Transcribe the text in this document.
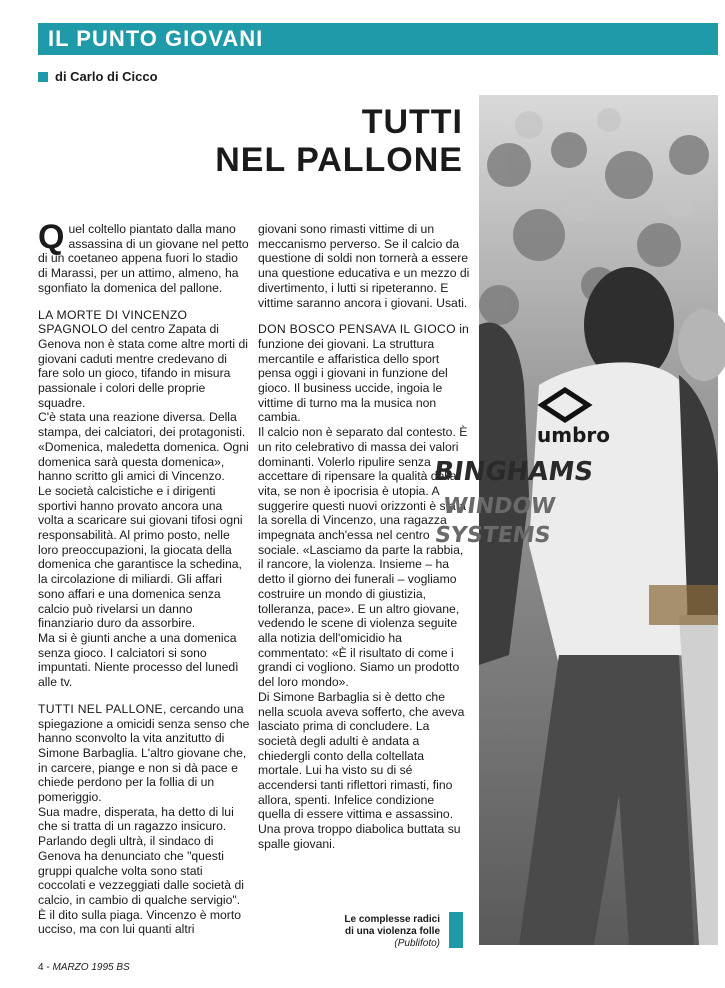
IL PUNTO GIOVANI
di Carlo di Cicco
TUTTI
NEL PALLONE

Quel coltello piantato dalla mano assassina di un giovane nel petto di un coetaneo appena fuori lo stadio di Marassi, per un attimo, almeno, ha sgonfiato la domenica del pallone.

LA MORTE DI VINCENZO SPAGNOLO del centro Zapata di Genova non è stata come altre morti di giovani caduti mentre credevano di fare solo un gioco, tifando in misura passionale i colori delle proprie squadre.

C'è stata una reazione diversa. Della stampa, dei calciatori, dei protagonisti. «Domenica, maledetta domenica. Ogni domenica sarà questa domenica», hanno scritto gli amici di Vincenzo.

Le società calcistiche e i dirigenti sportivi hanno provato ancora una volta a scaricare sui giovani tifosi ogni responsabilità. Al primo posto, nelle loro preoccupazioni, la giocata della domenica che garantisce la schedina, la circolazione di miliardi. Gli affari sono affari e una domenica senza calcio può rivelarsi un danno finanziario duro da assorbire.

Ma si è giunti anche a una domenica senza gioco. I calciatori si sono impuntati. Niente processo del lunedì alle tv.

TUTTI NEL PALLONE, cercando una spiegazione a omicidi senza senso che hanno sconvolto la vita anzitutto di Simone Barbaglia. L'altro giovane che, in carcere, piange e non si dà pace e chiede perdono per la follia di un pomeriggio.

Sua madre, disperata, ha detto di lui che si tratta di un ragazzo insicuro. Parlando degli ultrà, il sindaco di Genova ha denunciato che "questi gruppi qualche volta sono stati coccolati e vezzeggiati dalle società di calcio, in cambio di qualche servigio".

È il dito sulla piaga. Vincenzo è morto ucciso, ma con lui quanti altri

giovani sono rimasti vittime di un meccanismo perverso. Se il calcio da questione di soldi non tornerà a essere una questione educativa e un mezzo di divertimento, i lutti si ripeteranno. E vittime saranno ancora i giovani. Usati.

DON BOSCO PENSAVA IL GIOCO in funzione dei giovani. La struttura mercantile e affaristica dello sport pensa oggi i giovani in funzione del gioco. Il business uccide, ingoia le vittime di turno ma la musica non cambia.

Il calcio non è separato dal contesto. È un rito celebrativo di massa dei valori dominanti. Volerlo ripulire senza accettare di ripensare la qualità della vita, se non è ipocrisia è utopia. A suggerire questi nuovi orizzonti è stata la sorella di Vincenzo, una ragazza impegnata anch'essa nel centro sociale. «Lasciamo da parte la rabbia, il rancore, la violenza. Insieme – ha detto il giorno dei funerali – vogliamo costruire un mondo di giustizia, tolleranza, pace». E un altro giovane, vedendo le scene di violenza seguite alla notizia dell'omicidio ha commentato: «È il risultato di come i grandi ci vogliono. Siamo un prodotto del loro mondo».

Di Simone Barbaglia si è detto che nella scuola aveva sofferto, che aveva lasciato prima di concludere. La società degli adulti è andata a chiedergli conto della coltellata mortale. Lui ha visto su di sé accendersi tanti riflettori rimasti, fino allora, spenti. Infelice condizione quella di essere vittima e assassino.

Una prova troppo diabolica buttata su spalle giovani.

umbro
BINGHAMS
WINDOW
SYSTEMS
Le complesse radici
di una violenza folle
(Publifoto)
4 - MARZO 1995 BS
